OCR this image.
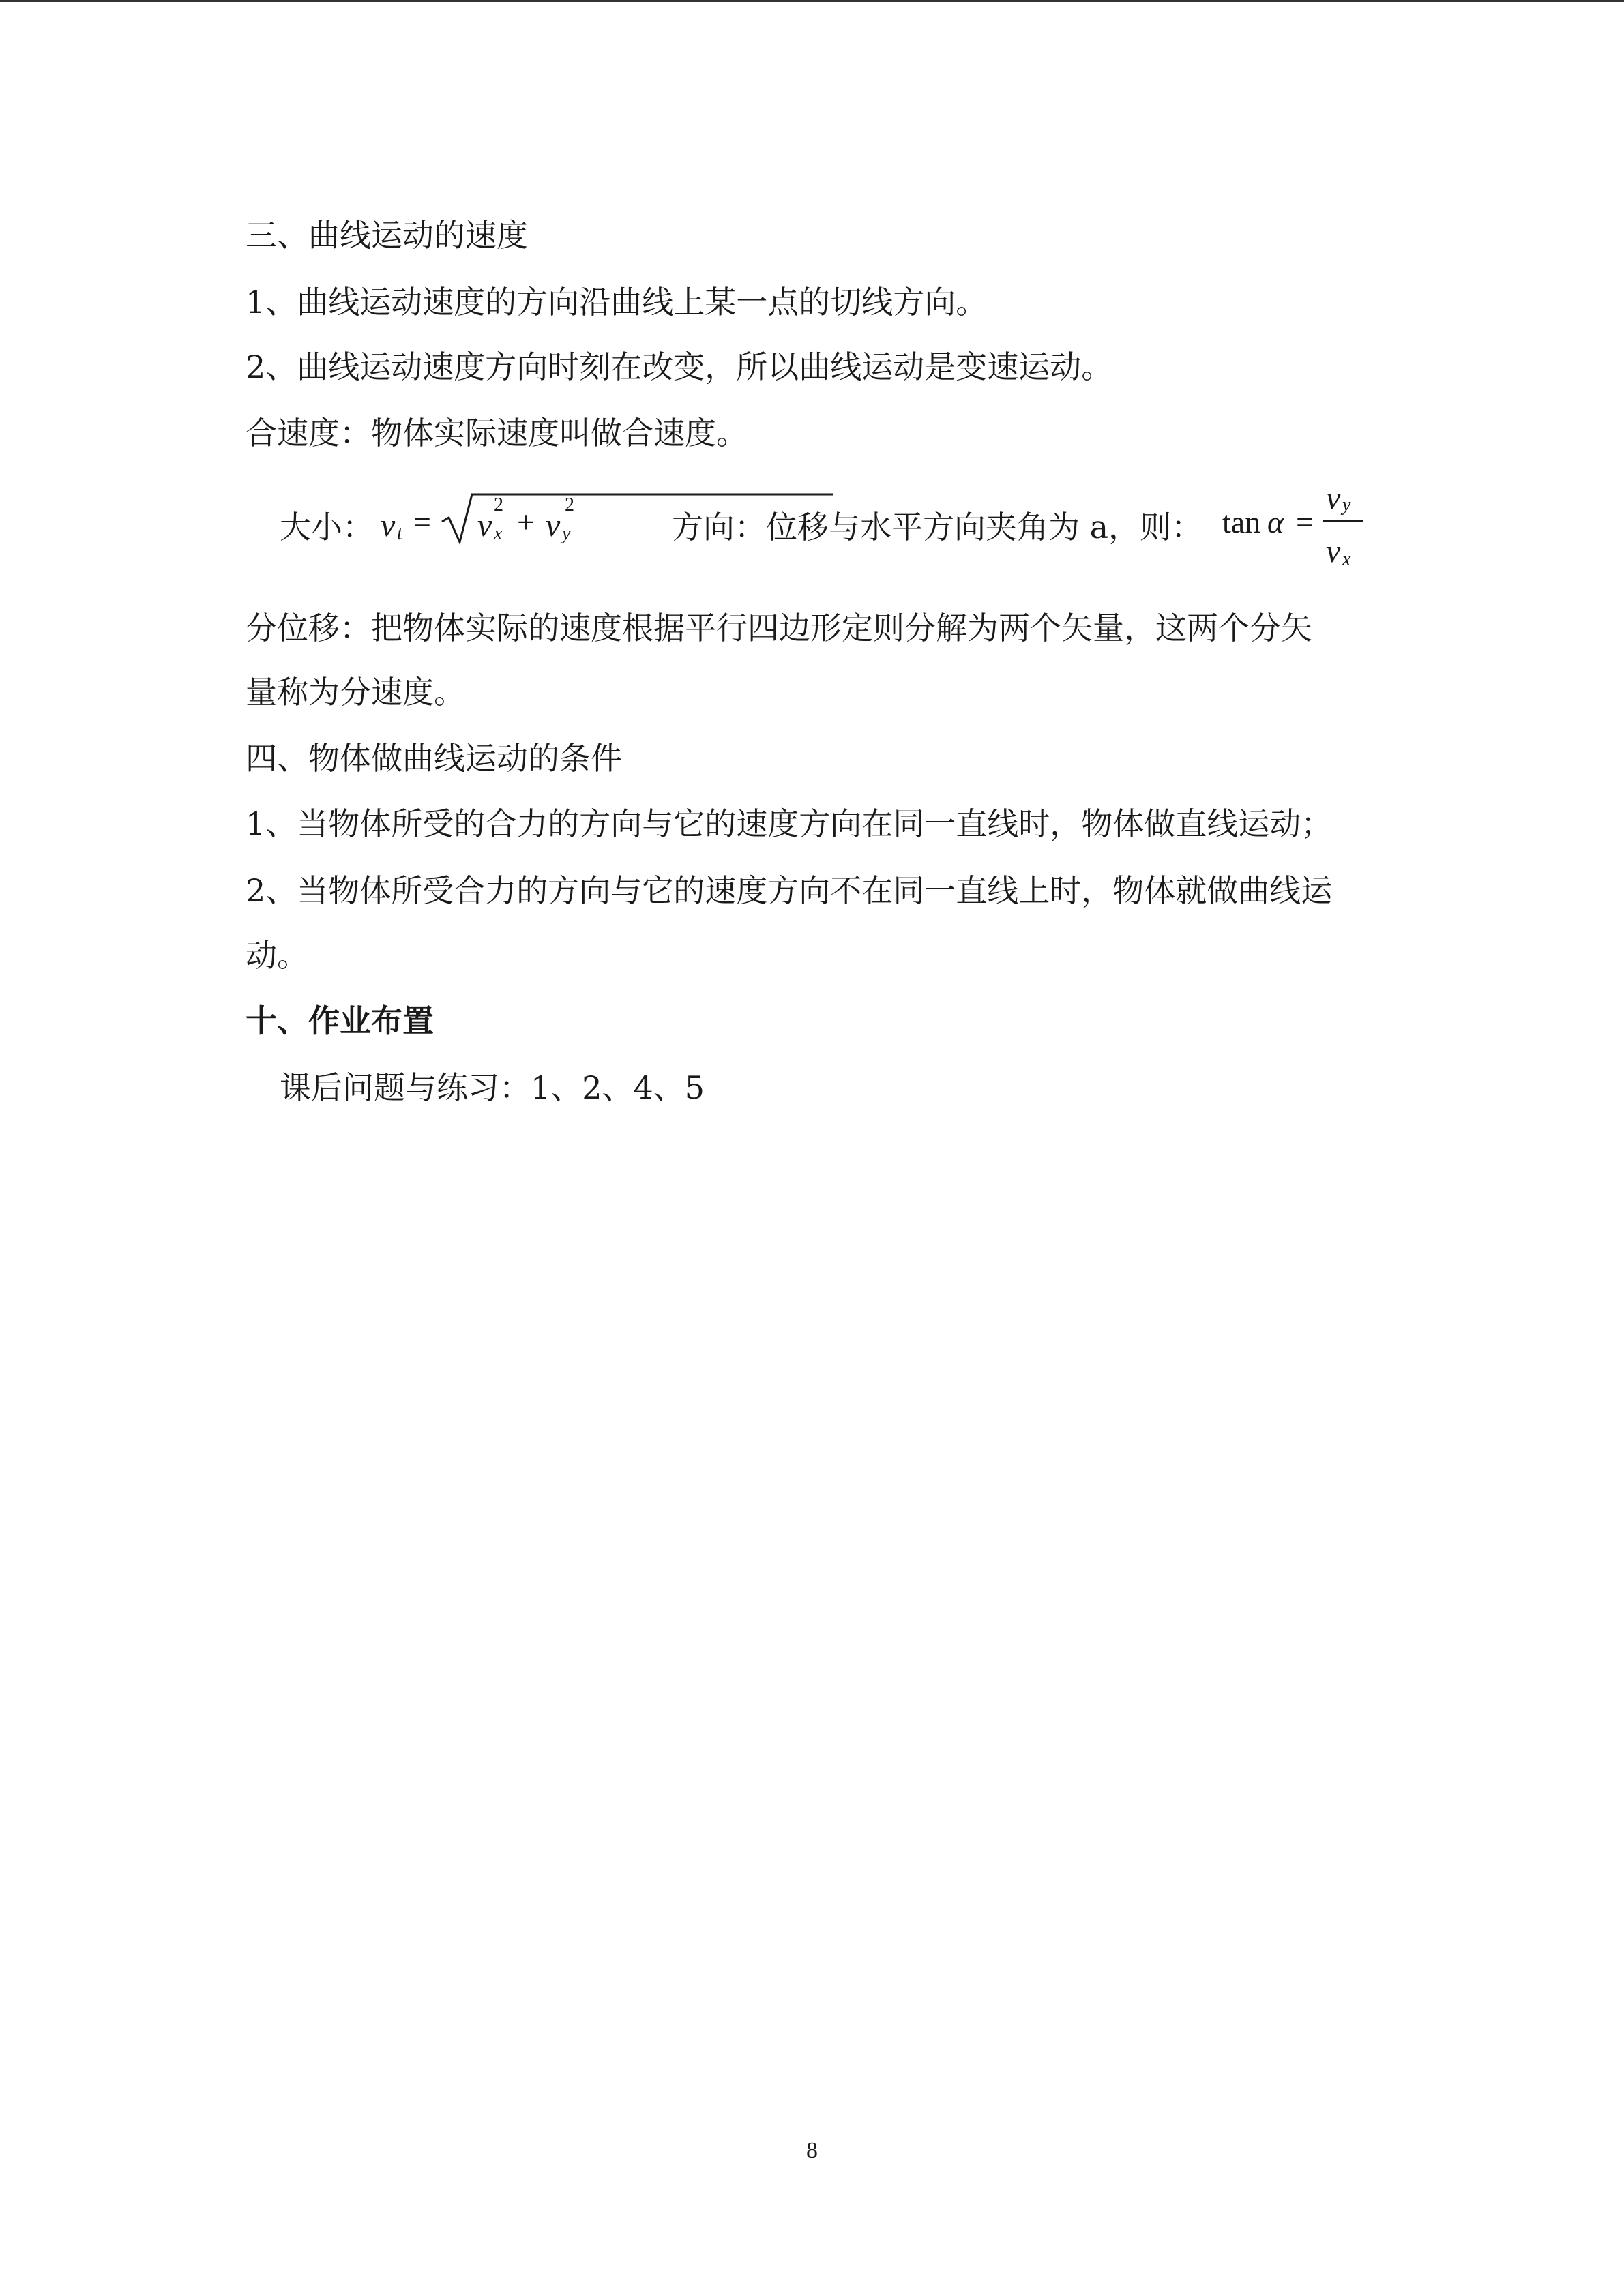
三、曲线运动的速度
1、曲线运动速度的方向沿曲线上某一点的切线方向。
2、曲线运动速度方向时刻在改变，所以曲线运动是变速运动。
合速度：物体实际速度叫做合速度。
大小： v t = v x
2 + v y
2
方向：位移与水平方向夹角为 a，则： tan α =
v y
v x
分位移：把物体实际的速度根据平行四边形定则分解为两个矢量，这两个分矢
量称为分速度。
四、物体做曲线运动的条件
1、当物体所受的合力的方向与它的速度方向在同一直线时，物体做直线运动；
2、当物体所受合力的方向与它的速度方向不在同一直线上时，物体就做曲线运
动。
十、作业布置
课后问题与练习：1、2、4、5
8
